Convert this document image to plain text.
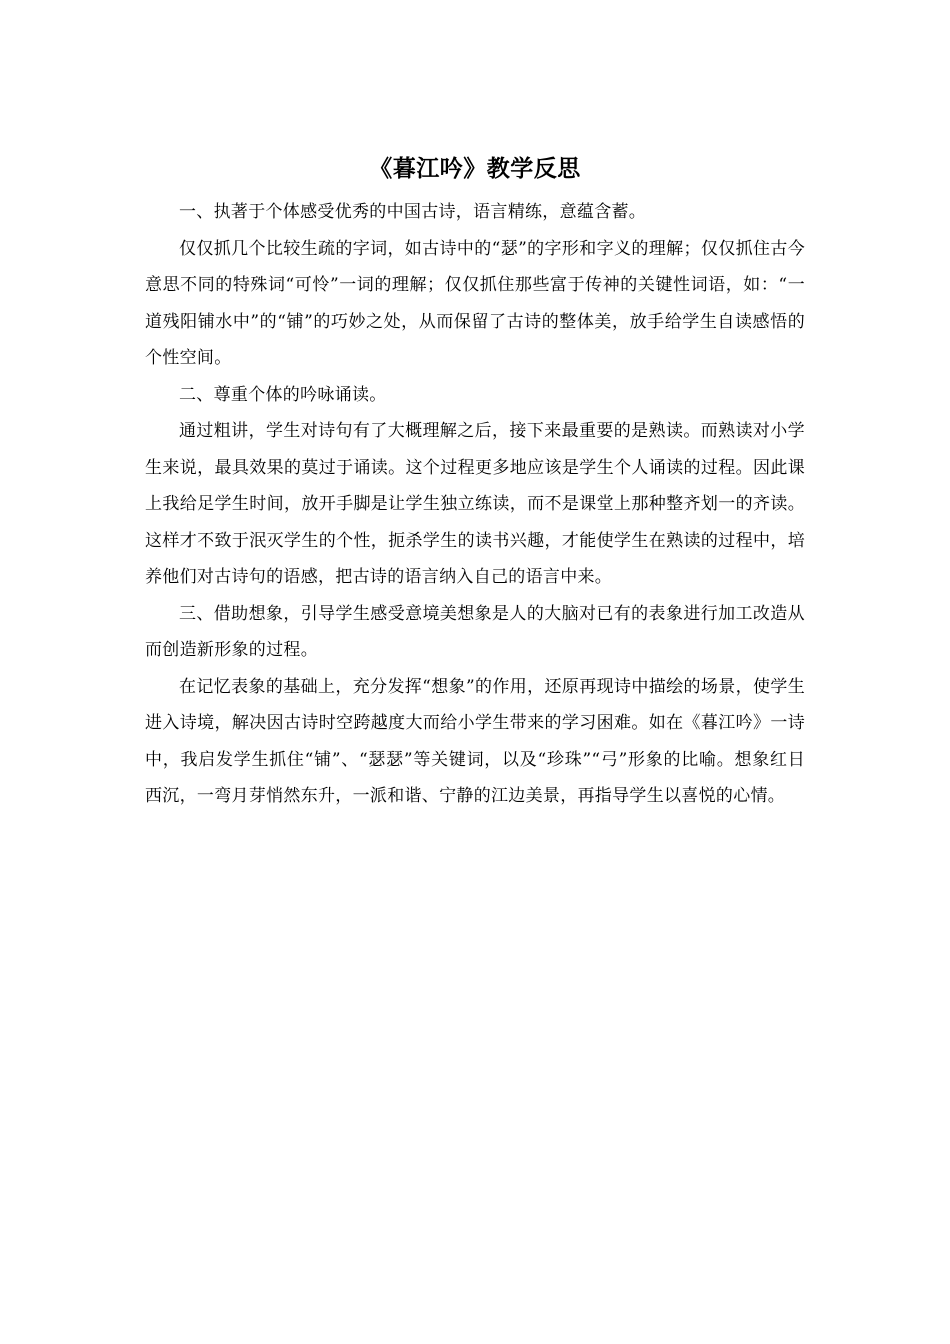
《暮江吟》教学反思

一、执著于个体感受优秀的中国古诗，语言精练，意蕴含蓄。

仅仅抓几个比较生疏的字词，如古诗中的“瑟”的字形和字义的理解；仅仅抓住古今意思不同的特殊词“可怜”一词的理解；仅仅抓住那些富于传神的关键性词语，如：“一道残阳铺水中”的“铺”的巧妙之处，从而保留了古诗的整体美，放手给学生自读感悟的个性空间。

二、尊重个体的吟咏诵读。

通过粗讲，学生对诗句有了大概理解之后，接下来最重要的是熟读。而熟读对小学生来说，最具效果的莫过于诵读。这个过程更多地应该是学生个人诵读的过程。因此课上我给足学生时间，放开手脚是让学生独立练读，而不是课堂上那种整齐划一的齐读。这样才不致于泯灭学生的个性，扼杀学生的读书兴趣，才能使学生在熟读的过程中，培养他们对古诗句的语感，把古诗的语言纳入自己的语言中来。

三、借助想象，引导学生感受意境美想象是人的大脑对已有的表象进行加工改造从而创造新形象的过程。

在记忆表象的基础上，充分发挥“想象”的作用，还原再现诗中描绘的场景，使学生进入诗境，解决因古诗时空跨越度大而给小学生带来的学习困难。如在《暮江吟》一诗中，我启发学生抓住“铺”、“瑟瑟”等关键词，以及“珍珠”“弓”形象的比喻。想象红日西沉，一弯月芽悄然东升，一派和谐、宁静的江边美景，再指导学生以喜悦的心情。
